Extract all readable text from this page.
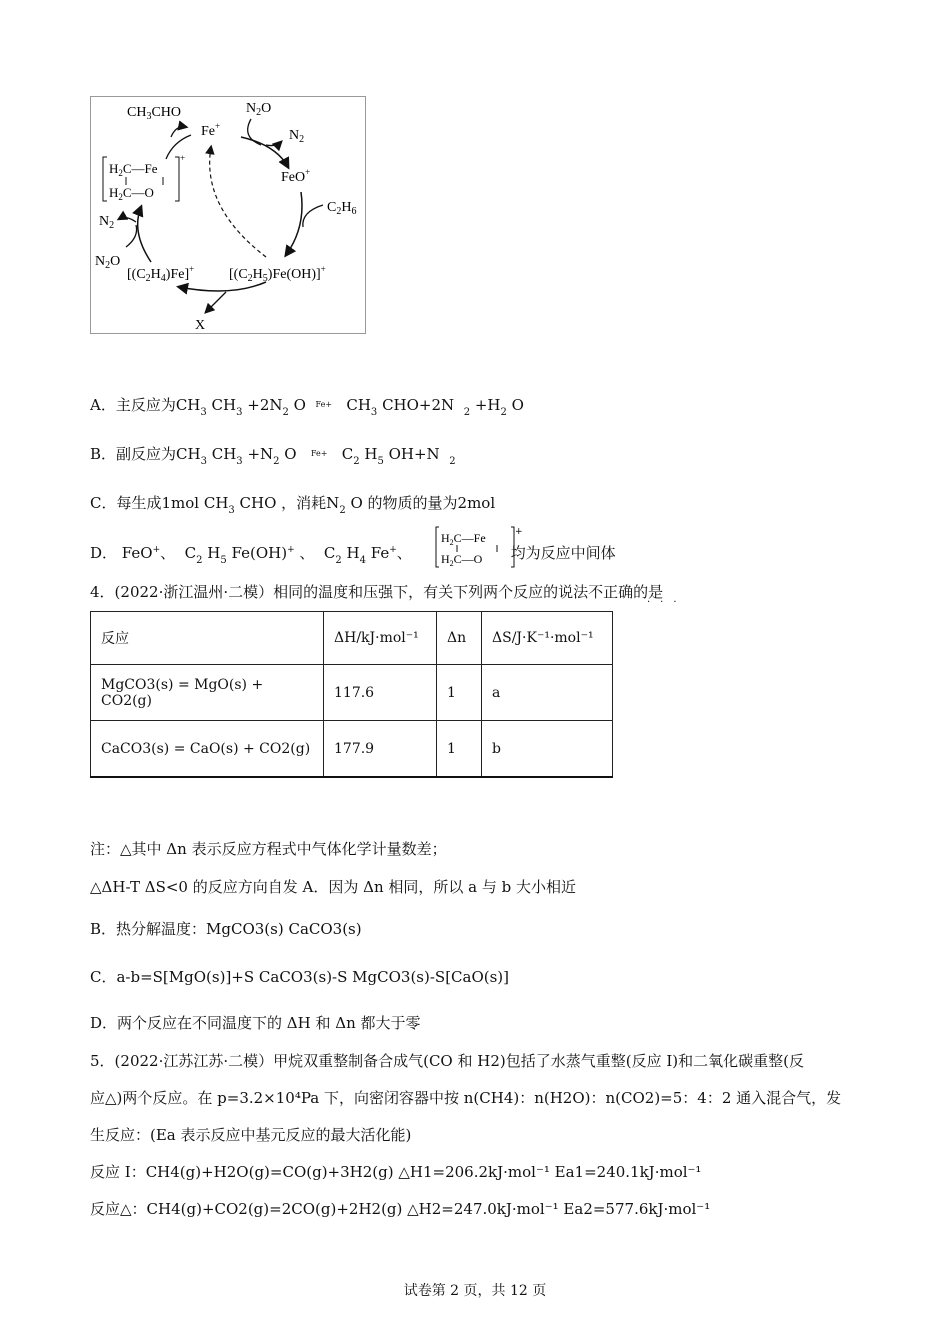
$CH_3CHO$
Fe+
$N_2O$
$N_2$
FeO+
$C_2H_6$
$N_2$
$N_2O$
$[(C_2H_4)Fe]^+$ $[(C_2H_5)Fe(OH)]^+$
X
$H_2C—Fe$
$H_2C—O$
+
A．主反应为$CH_3$ $CH_3 +2N_2$ O  $^{Fe+}$   $CH_3$ CHO+2N  $_2 +H_2$ O
B．副反应为$CH_3$ $CH_3 +N_2$ O   $^{Fe+}$   $C_2$ $H_5$ OH+N  $_2$
C．每生成1mol $CH_3$ CHO ，消耗$N_2$ O 的物质的量为2mol
D． FeO+、  $C_2$ $H_5$ Fe(OH)+ 、  $C_2$ $H_4$ Fe+、
$H_2C—Fe$
$H_2C—O$
+
均为反应中间体
4．(2022·浙江温州·二模）相同的温度和压强下，有关下列两个反应的说法不正确的是
···
反应	ΔH/kJ·mol⁻¹	Δn	ΔS/J·K⁻¹·mol⁻¹
MgCO3(s) = MgO(s) + CO2(g)	117.6	1	a
CaCO3(s) = CaO(s) + CO2(g)	177.9	1	b
注：△其中 Δn 表示反应方程式中气体化学计量数差；
△ΔH-T ΔS<0 的反应方向自发 A．因为 Δn 相同，所以 a 与 b 大小相近
B．热分解温度：MgCO3(s) CaCO3(s)
C．a-b=S[MgO(s)]+S CaCO3(s)-S MgCO3(s)-S[CaO(s)]
D．两个反应在不同温度下的 ΔH 和 Δn 都大于零
5．(2022·江苏江苏·二模）甲烷双重整制备合成气(CO 和 H2)包括了水蒸气重整(反应 I)和二氧化碳重整(反
应△)两个反应。在 p=3.2×10⁴Pa 下，向密闭容器中按 n(CH4)：n(H2O)：n(CO2)=5：4：2 通入混合气，发
生反应：(Ea 表示反应中基元反应的最大活化能)
反应 I：CH4(g)+H2O(g)=CO(g)+3H2(g) △H1=206.2kJ·mol⁻¹ Ea1=240.1kJ·mol⁻¹
反应△：CH4(g)+CO2(g)=2CO(g)+2H2(g) △H2=247.0kJ·mol⁻¹ Ea2=577.6kJ·mol⁻¹
试卷第 2 页，共 12 页
